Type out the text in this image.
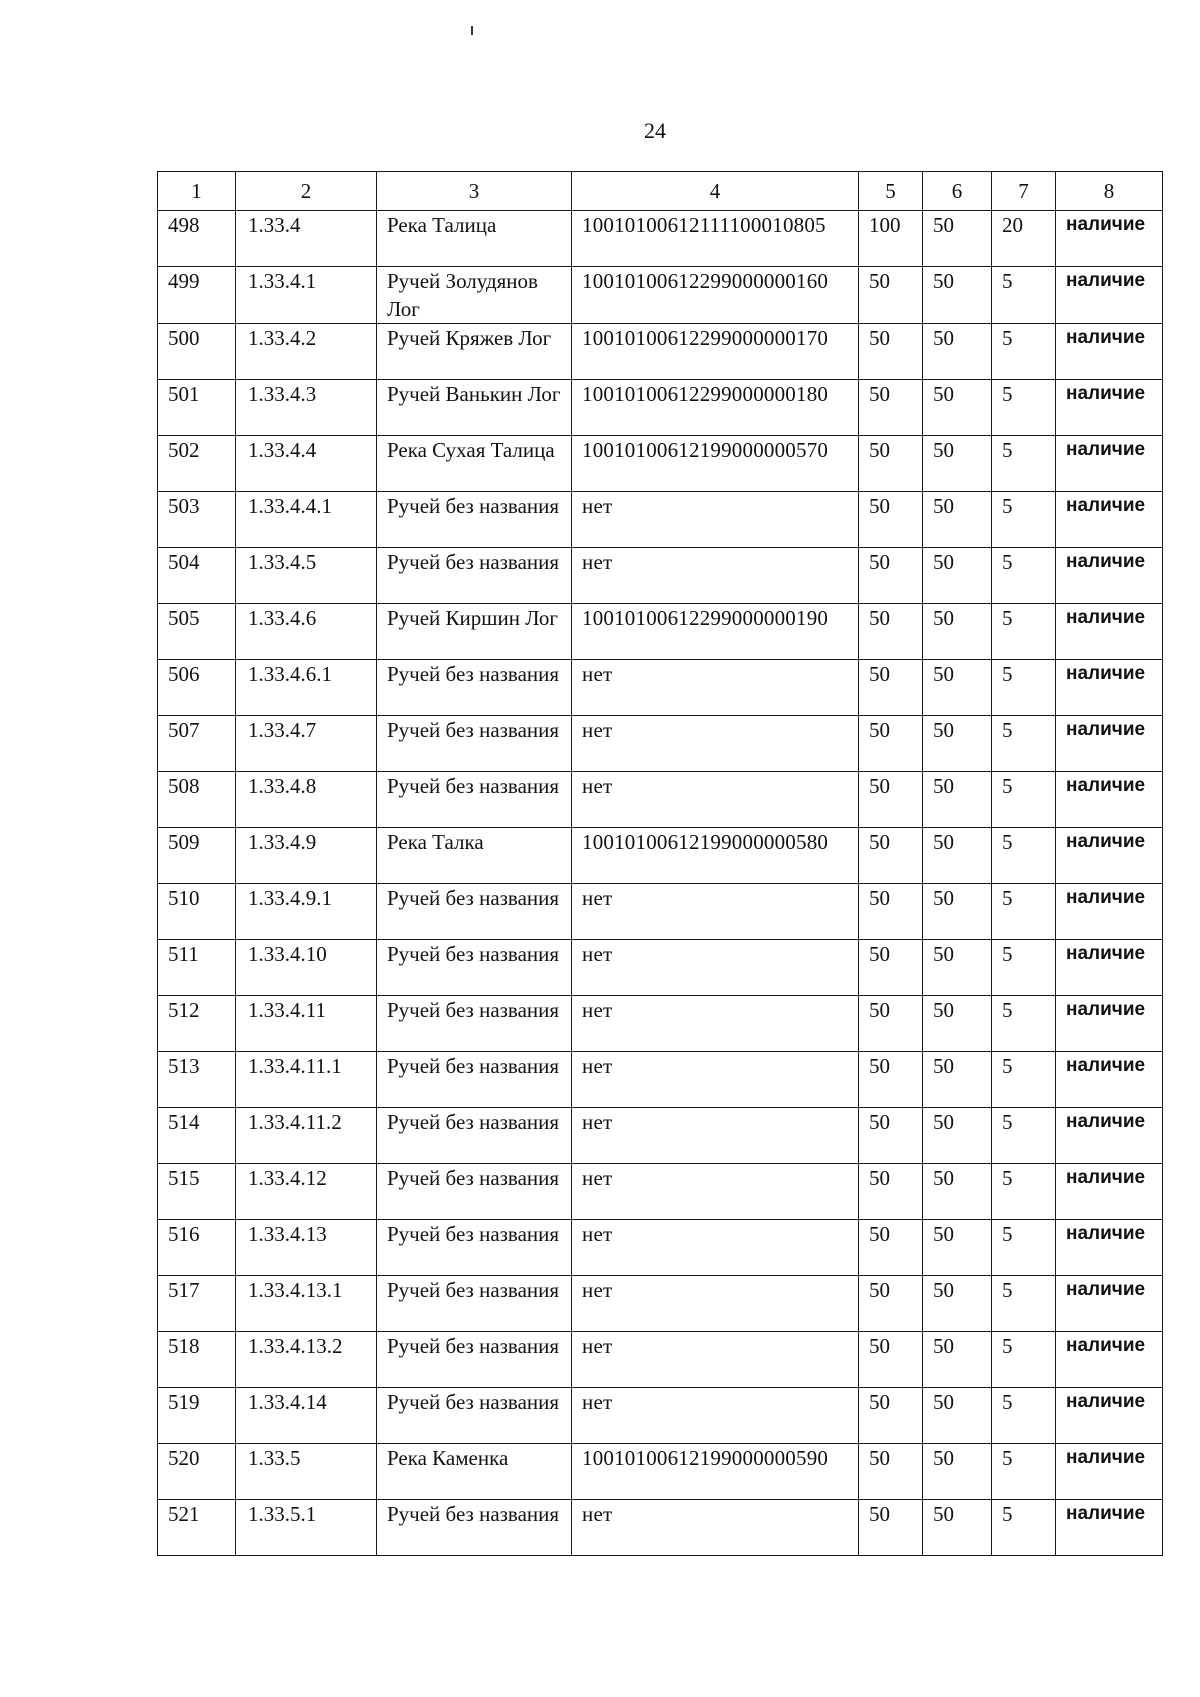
24
1	2	3	4	5	6	7	8
498	1.33.4	Река Талица	10010100612111100010805	100	50	20	наличие
499	1.33.4.1	Ручей Золудянов Лог	10010100612299000000160	50	50	5	наличие
500	1.33.4.2	Ручей Кряжев Лог	10010100612299000000170	50	50	5	наличие
501	1.33.4.3	Ручей Ванькин Лог	10010100612299000000180	50	50	5	наличие
502	1.33.4.4	Река Сухая Талица	10010100612199000000570	50	50	5	наличие
503	1.33.4.4.1	Ручей без названия	нет	50	50	5	наличие
504	1.33.4.5	Ручей без названия	нет	50	50	5	наличие
505	1.33.4.6	Ручей Киршин Лог	10010100612299000000190	50	50	5	наличие
506	1.33.4.6.1	Ручей без названия	нет	50	50	5	наличие
507	1.33.4.7	Ручей без названия	нет	50	50	5	наличие
508	1.33.4.8	Ручей без названия	нет	50	50	5	наличие
509	1.33.4.9	Река Талка	10010100612199000000580	50	50	5	наличие
510	1.33.4.9.1	Ручей без названия	нет	50	50	5	наличие
511	1.33.4.10	Ручей без названия	нет	50	50	5	наличие
512	1.33.4.11	Ручей без названия	нет	50	50	5	наличие
513	1.33.4.11.1	Ручей без названия	нет	50	50	5	наличие
514	1.33.4.11.2	Ручей без названия	нет	50	50	5	наличие
515	1.33.4.12	Ручей без названия	нет	50	50	5	наличие
516	1.33.4.13	Ручей без названия	нет	50	50	5	наличие
517	1.33.4.13.1	Ручей без названия	нет	50	50	5	наличие
518	1.33.4.13.2	Ручей без названия	нет	50	50	5	наличие
519	1.33.4.14	Ручей без названия	нет	50	50	5	наличие
520	1.33.5	Река Каменка	10010100612199000000590	50	50	5	наличие
521	1.33.5.1	Ручей без названия	нет	50	50	5	наличие
